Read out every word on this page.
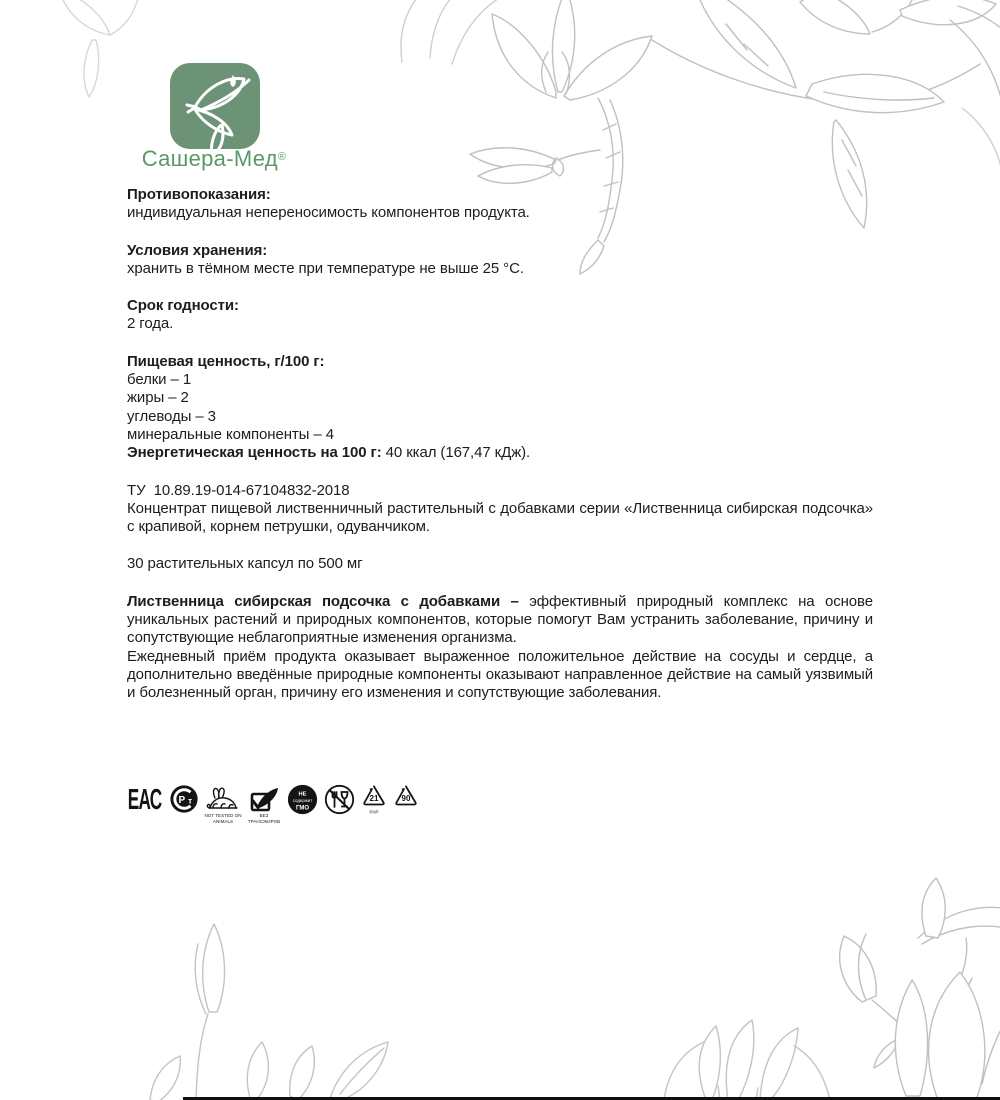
Сашера-Мед®
Противопоказания:
индивидуальная непереносимость компонентов продукта.
Условия хранения:
хранить в тёмном месте при температуре не выше 25 °С.
Срок годности:
2 года.
Пищевая ценность, г/100 г:
белки – 1
жиры – 2
углеводы – 3
минеральные компоненты – 4
Энергетическая ценность на 100 г: 40 ккал (167,47 кДж).
ТУ  10.89.19-014-67104832-2018
Концентрат пищевой лиственничный растительный с добавками серии «Лиственница сибирская подсочка» с крапивой, корнем петрушки, одуванчиком.
30 растительных капсул по 500 мг
Лиственница сибирская подсочка с добавками – эффективный природный комплекс на основе уникальных растений и природных компонентов, которые помогут Вам устранить заболевание, причину и сопутствующие неблагоприятные изменения организма.
Ежедневный приём продукта оказывает выраженное положительное действие на сосуды и сердце, а дополнительно введённые природные компоненты оказывают направленное действие на самый уязвимый и болезненный орган, причину его изменения и сопутствующие заболевания.
ЕАС Р т
NOT TESTED ON ANIMALS
БЕЗ ТРАНСЖИРОВ
НЕ
содержит
ГМО
21
PAP
90
